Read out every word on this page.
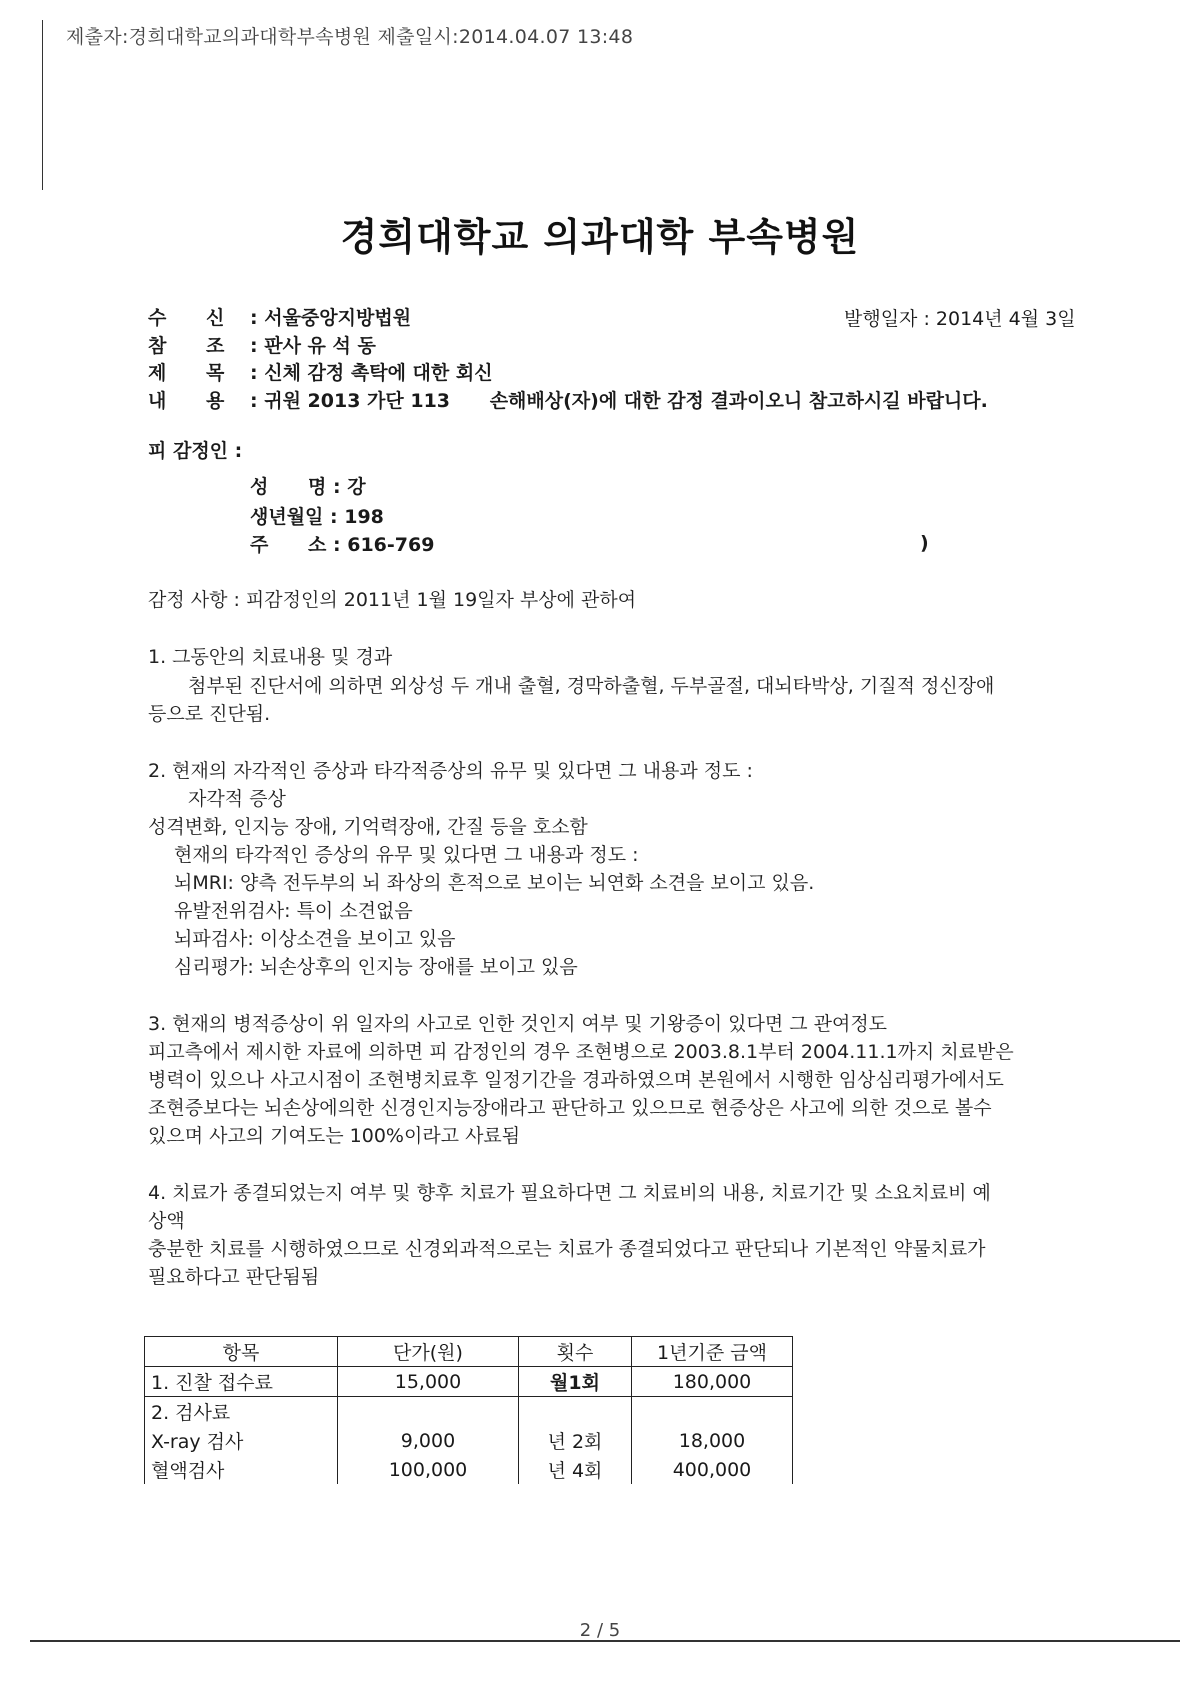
제출자:경희대학교의과대학부속병원 제출일시:2014.04.07 13:48
경희대학교 의과대학 부속병원
발행일자 : 2014년 4월 3일
수 신 : 서울중앙지방법원
참 조 : 판사 유 석 동
제 목 : 신체 감정 촉탁에 대한 회신
내 용 : 귀원 2013 가단 113      손해배상(자)에 대한 감정 결과이오니 참고하시길 바랍니다.
피 감정인 :
성      명 : 강
생년월일 : 198
주      소 : 616-769	)
감정 사항 : 피감정인의 2011년 1월 19일자 부상에 관하여
1. 그동안의 치료내용 및 경과
첨부된 진단서에 의하면 외상성 두 개내 출혈, 경막하출혈, 두부골절, 대뇌타박상, 기질적 정신장애
등으로 진단됨.
2. 현재의 자각적인 증상과 타각적증상의 유무 및 있다면 그 내용과 정도 :
자각적 증상
성격변화, 인지능 장애, 기억력장애, 간질 등을 호소함
현재의 타각적인 증상의 유무 및 있다면 그 내용과 정도 :
뇌MRI: 양측 전두부의 뇌 좌상의 흔적으로 보이는 뇌연화 소견을 보이고 있음.
유발전위검사: 특이 소견없음
뇌파검사: 이상소견을 보이고 있음
심리평가: 뇌손상후의 인지능 장애를 보이고 있음
3. 현재의 병적증상이 위 일자의 사고로 인한 것인지 여부 및 기왕증이 있다면 그 관여정도
피고측에서 제시한 자료에 의하면 피 감정인의 경우 조현병으로 2003.8.1부터 2004.11.1까지 치료받은
병력이 있으나 사고시점이 조현병치료후 일정기간을 경과하였으며 본원에서 시행한 임상심리평가에서도
조현증보다는 뇌손상에의한 신경인지능장애라고 판단하고 있으므로 현증상은 사고에 의한 것으로 볼수
있으며 사고의 기여도는 100%이라고 사료됨
4. 치료가 종결되었는지 여부 및 향후 치료가 필요하다면 그 치료비의 내용, 치료기간 및 소요치료비 예
상액
충분한 치료를 시행하였으므로 신경외과적으로는 치료가 종결되었다고 판단되나 기본적인 약물치료가
필요하다고 판단됨됨
항목	단가(원)	횟수	1년기준 금액
1. 진찰 접수료	15,000	월1회	180,000
2. 검사료			
X-ray 검사	9,000	년 2회	18,000
혈액검사	100,000	년 4회	400,000
2 / 5
